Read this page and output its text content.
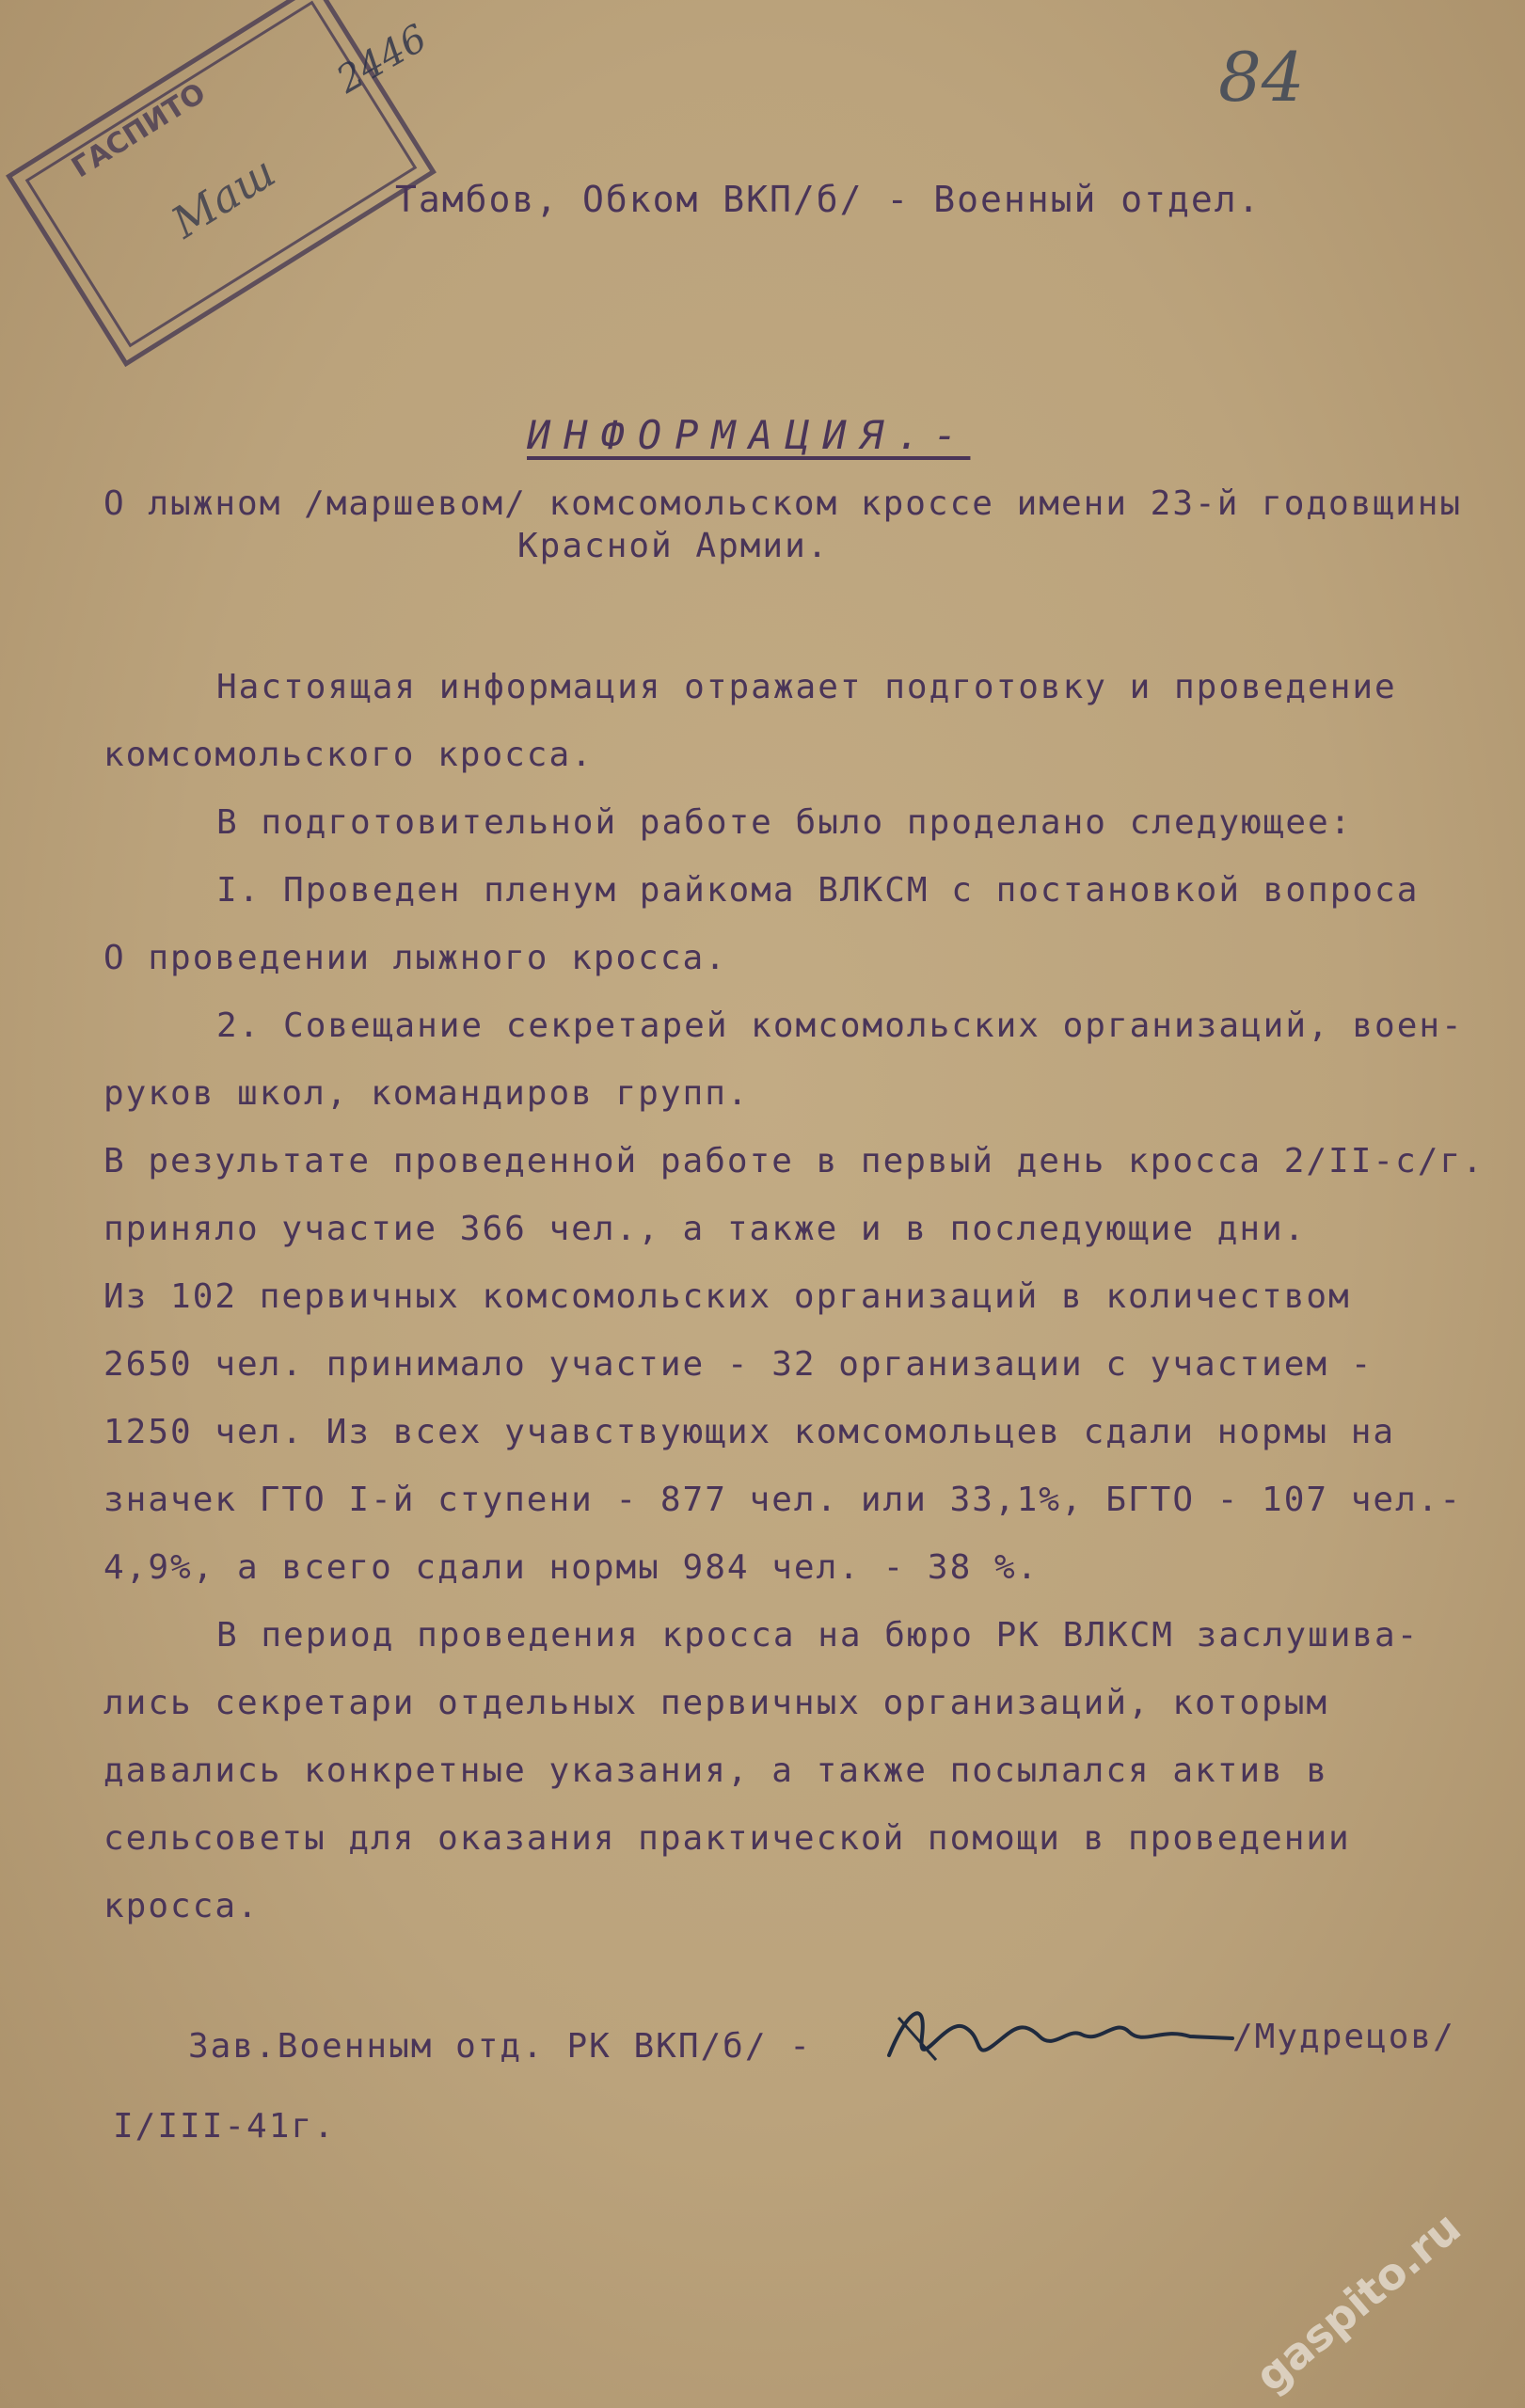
84
ГАСПИТО
Маш
2446
Тамбов, Обком ВКП/б/ - Военный отдел.
ИНФОРМАЦИЯ.-
О лыжном /маршевом/ комсомольском кроссе имени 23-й годовщины
Красной Армии.
Настоящая информация отражает подготовку и проведение
комсомольского кросса.
В подготовительной работе было проделано следующее:
I. Проведен пленум райкома ВЛКСМ с постановкой вопроса
О проведении лыжного кросса.
2. Совещание секретарей комсомольских организаций, воен-
руков школ, командиров групп.
В результате проведенной работе в первый день кросса 2/II-с/г.
приняло участие 366 чел., а также и в последующие дни.
Из 102 первичных комсомольских организаций в количеством
2650 чел. принимало участие - 32 организации с участием -
1250 чел. Из всех учавствующих комсомольцев сдали нормы на
значек ГТО I-й ступени - 877 чел. или 33,1%, БГТО - 107 чел.-
4,9%, а всего сдали нормы 984 чел. - 38 %.
В период проведения кросса на бюро РК ВЛКСМ заслушива-
лись секретари отдельных первичных организаций, которым
давались конкретные указания, а также посылался актив в
сельсоветы для оказания практической помощи в проведении
кросса.
Зав.Военным отд. РК ВКП/б/ -	/Мудрецов/
I/III-41г.
gaspito.ru
